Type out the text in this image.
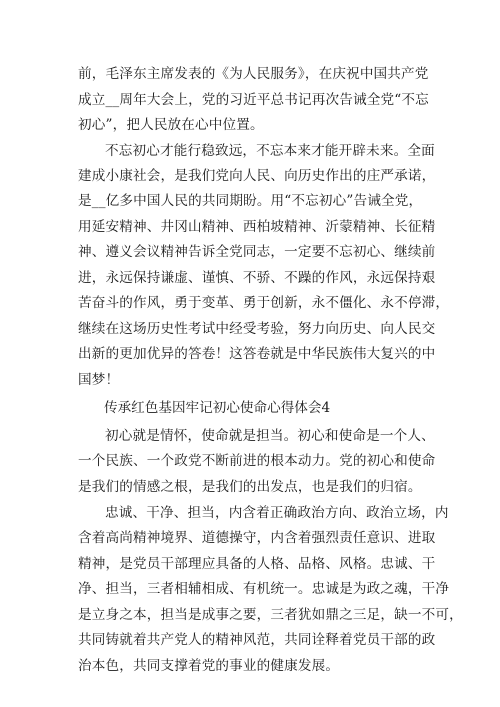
前，毛泽东主席发表的《为人民服务》，在庆祝中国共产党
成立__周年大会上，党的习近平总书记再次告诫全党“不忘
初心”，把人民放在心中位置。
不忘初心才能行稳致远，不忘本来才能开辟未来。全面
建成小康社会，是我们党向人民、向历史作出的庄严承诺，
是__亿多中国人民的共同期盼。用“不忘初心”告诫全党，
用延安精神、井冈山精神、西柏坡精神、沂蒙精神、长征精
神、遵义会议精神告诉全党同志，一定要不忘初心、继续前
进，永远保持谦虚、谨慎、不骄、不躁的作风，永远保持艰
苦奋斗的作风，勇于变革、勇于创新，永不僵化、永不停滞，
继续在这场历史性考试中经受考验，努力向历史、向人民交
出新的更加优异的答卷！这答卷就是中华民族伟大复兴的中
国梦！
传承红色基因牢记初心使命心得体会4
初心就是情怀，使命就是担当。初心和使命是一个人、
一个民族、一个政党不断前进的根本动力。党的初心和使命
是我们的情感之根，是我们的出发点，也是我们的归宿。
忠诚、干净、担当，内含着正确政治方向、政治立场，内
含着高尚精神境界、道德操守，内含着强烈责任意识、进取
精神，是党员干部理应具备的人格、品格、风格。忠诚、干
净、担当，三者相辅相成、有机统一。忠诚是为政之魂，干净
是立身之本，担当是成事之要，三者犹如鼎之三足，缺一不可，
共同铸就着共产党人的精神风范，共同诠释着党员干部的政
治本色，共同支撑着党的事业的健康发展。
